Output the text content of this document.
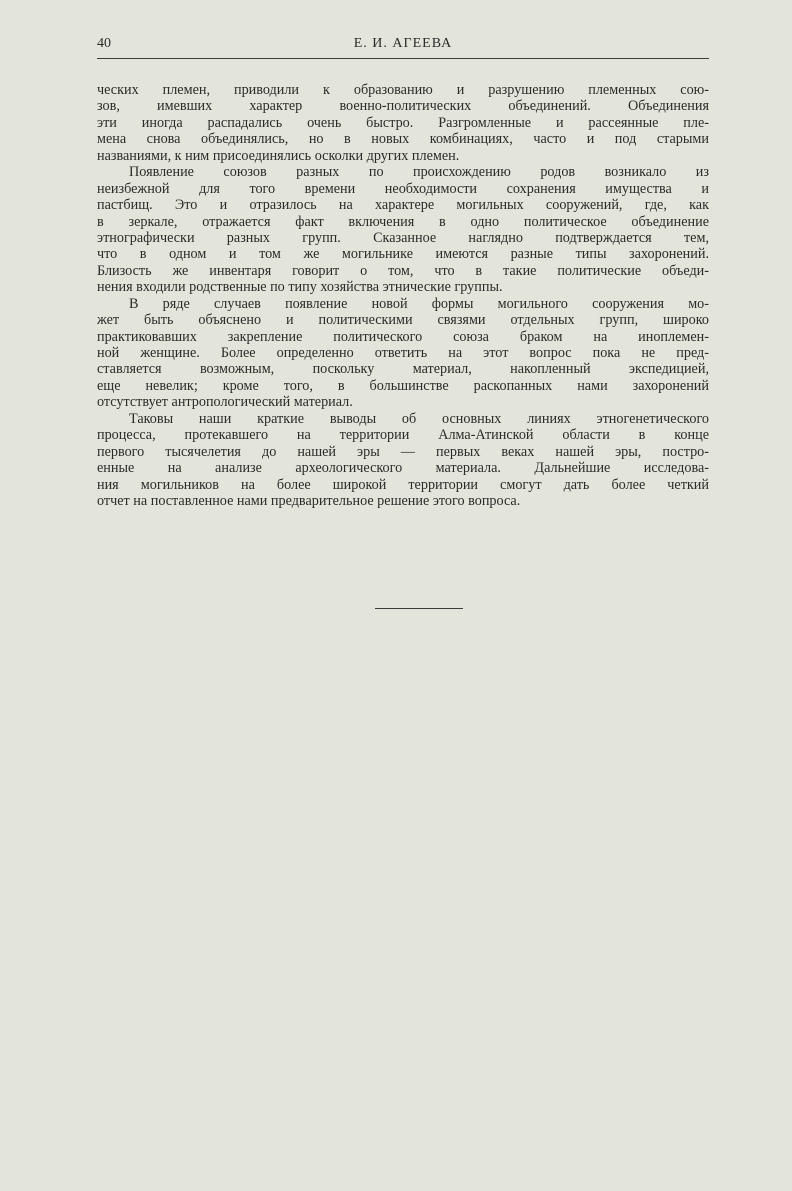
40	Е. И. АГЕЕВА
ческих племен, приводили к образованию и разрушению племенных сою-
зов, имевших характер военно-политических объединений. Объединения
эти иногда распадались очень быстро. Разгромленные и рассеянные пле-
мена снова объединялись, но в новых комбинациях, часто и под старыми
названиями, к ним присоединялись осколки других племен.
Появление союзов разных по происхождению родов возникало из
неизбежной для того времени необходимости сохранения имущества и
пастбищ. Это и отразилось на характере могильных сооружений, где, как
в зеркале, отражается факт включения в одно политическое объединение
этнографически разных групп. Сказанное наглядно подтверждается тем,
что в одном и том же могильнике имеются разные типы захоронений.
Близость же инвентаря говорит о том, что в такие политические объеди-
нения входили родственные по типу хозяйства этнические группы.
В ряде случаев появление новой формы могильного сооружения мо-
жет быть объяснено и политическими связями отдельных групп, широко
практиковавших закрепление политического союза браком на иноплемен-
ной женщине. Более определенно ответить на этот вопрос пока не пред-
ставляется возможным, поскольку материал, накопленный экспедицией,
еще невелик; кроме того, в большинстве раскопанных нами захоронений
отсутствует антропологический материал.
Таковы наши краткие выводы об основных линиях этногенетического
процесса, протекавшего на территории Алма-Атинской области в конце
первого тысячелетия до нашей эры — первых веках нашей эры, постро-
енные на анализе археологического материала. Дальнейшие исследова-
ния могильников на более широкой территории смогут дать более четкий
отчет на поставленное нами предварительное решение этого вопроса.
